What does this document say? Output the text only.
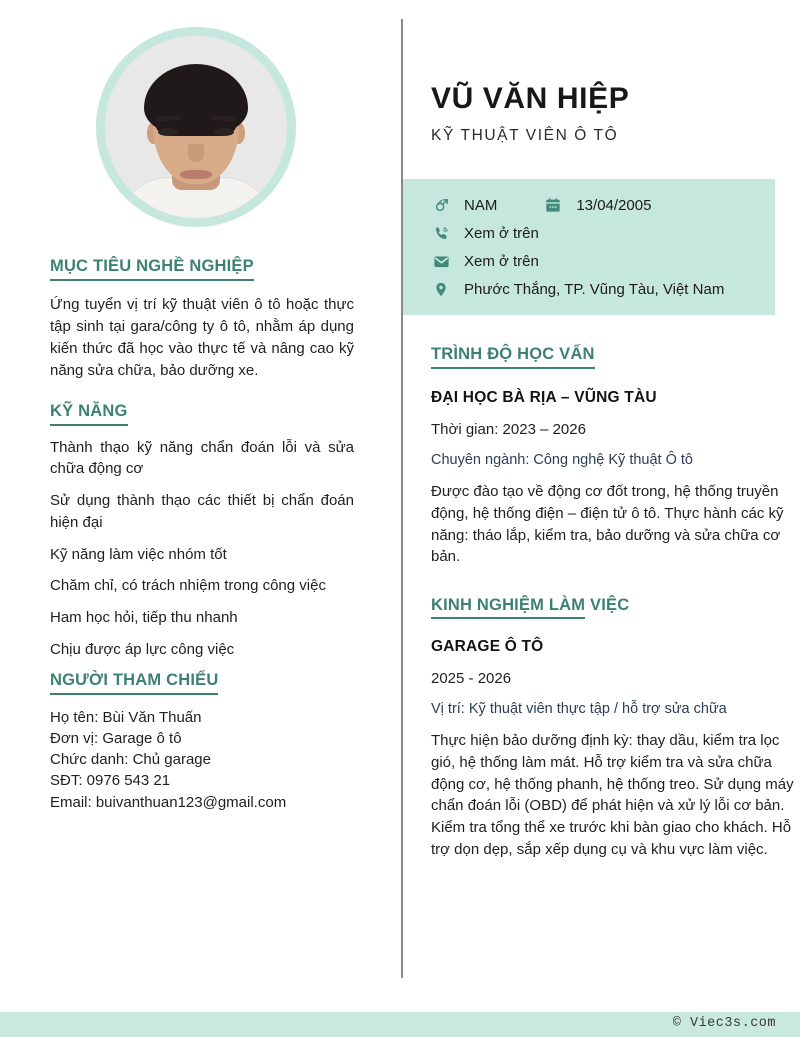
MỤC TIÊU NGHỀ NGHIỆP
Ứng tuyển vị trí kỹ thuật viên ô tô hoặc thực tập sinh tại gara/công ty ô tô, nhằm áp dụng kiến thức đã học vào thực tế và nâng cao kỹ năng sửa chữa, bảo dưỡng xe.
KỸ NĂNG
Thành thạo kỹ năng chẩn đoán lỗi và sửa chữa động cơ
Sử dụng thành thạo các thiết bị chẩn đoán hiện đại
Kỹ năng làm việc nhóm tốt
Chăm chỉ, có trách nhiệm trong công việc
Ham học hỏi, tiếp thu nhanh
Chịu được áp lực công việc
NGƯỜI THAM CHIẾU
Họ tên: Bùi Văn Thuấn
Đơn vị: Garage ô tô
Chức danh: Chủ garage
SĐT: 0976 543 21
Email: buivanthuan123@gmail.com
VŨ VĂN HIỆP
KỸ THUẬT VIÊN Ô TÔ
NAM	13/04/2005
Xem ở trên
Xem ở trên
Phước Thắng, TP. Vũng Tàu, Việt Nam
TRÌNH ĐỘ HỌC VẤN
ĐẠI HỌC BÀ RỊA – VŨNG TÀU
Thời gian: 2023 – 2026
Chuyên ngành: Công nghệ Kỹ thuật Ô tô
Được đào tạo về động cơ đốt trong, hệ thống truyền động, hệ thống điện – điện tử ô tô. Thực hành các kỹ năng: tháo lắp, kiểm tra, bảo dưỡng và sửa chữa cơ bản.
KINH NGHIỆM LÀM VIỆC
GARAGE Ô TÔ
2025 - 2026
Vị trí: Kỹ thuật viên thực tập / hỗ trợ sửa chữa
Thực hiện bảo dưỡng định kỳ: thay dầu, kiểm tra lọc gió, hệ thống làm mát. Hỗ trợ kiểm tra và sửa chữa động cơ, hệ thống phanh, hệ thống treo. Sử dụng máy chẩn đoán lỗi (OBD) để phát hiện và xử lý lỗi cơ bản. Kiểm tra tổng thể xe trước khi bàn giao cho khách. Hỗ trợ dọn dẹp, sắp xếp dụng cụ và khu vực làm việc.
© Viec3s.com
